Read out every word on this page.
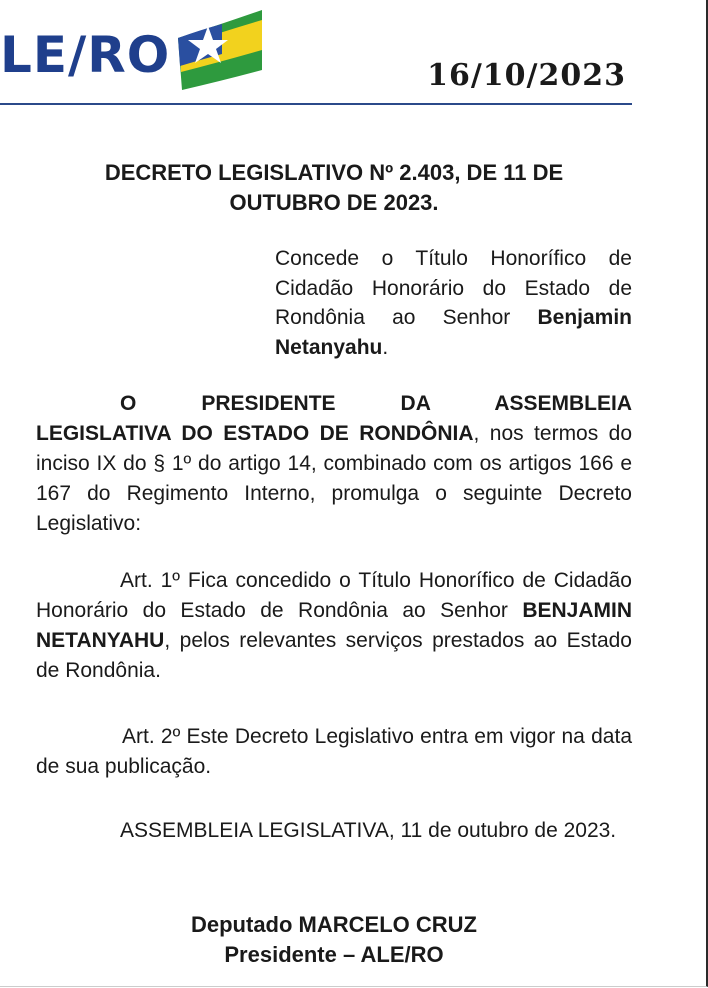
LE/RO	16/10/2023
DECRETO LEGISLATIVO Nº 2.403, DE 11 DE
OUTUBRO DE 2023.
Concede o Título Honorífico de Cidadão Honorário do Estado de Rondônia ao Senhor Benjamin Netanyahu.
O PRESIDENTE DA ASSEMBLEIA LEGISLATIVA DO ESTADO DE RONDÔNIA, nos termos do inciso IX do § 1º do artigo 14, combinado com os artigos 166 e 167 do Regimento Interno, promulga o seguinte Decreto Legislativo:
Art. 1º Fica concedido o Título Honorífico de Cidadão Honorário do Estado de Rondônia ao Senhor BENJAMIN NETANYAHU, pelos relevantes serviços prestados ao Estado de Rondônia.
Art. 2º Este Decreto Legislativo entra em vigor na data de sua publicação.
ASSEMBLEIA LEGISLATIVA, 11 de outubro de 2023.
Deputado MARCELO CRUZ
Presidente – ALE/RO
